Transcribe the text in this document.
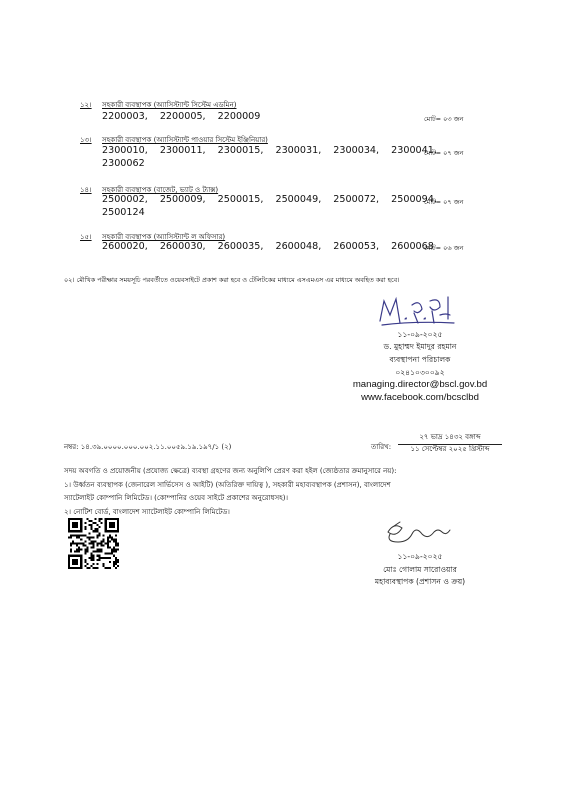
১২। সহকারী ব্যবস্থাপক (অ্যাসিস্ট্যান্ট সিস্টেম এডমিন)
2200003, 2200005, 2200009	মোট= ০৩ জন
১৩। সহকারী ব্যবস্থাপক (অ্যাসিস্ট্যান্ট পাওয়ার সিস্টেম ইঞ্জিনিয়ার)
2300010, 2300011, 2300015, 2300031, 2300034, 2300041, 2300062
মোট= ০৭ জন
১৪। সহকারী ব্যবস্থাপক (বাজেট, ভ্যাট ও ট্যাক্স)
2500002, 2500009, 2500015, 2500049, 2500072, 2500094, 2500124
মোট= ০৭ জন
১৫। সহকারী ব্যবস্থাপক (অ্যাসিস্ট্যান্ট ল অফিসার)
2600020, 2600030, 2600035, 2600048, 2600053, 2600068
মোট= ০৬ জন
০২। মৌখিক পরীক্ষার সময়সূচি পরবর্তীতে ওয়েবসাইটে প্রকাশ করা হবে ও টেলিটকের মাধ্যমে এসএমএস এর মাধ্যমে অবহিত করা হবে।
১১-০৯-২০২৫
ড. মুহাম্মদ ইমাদুর রহমান
ব্যবস্থাপনা পরিচালক
০২৪১০৩০০৯২
managing.director@bscl.gov.bd
www.facebook.com/bcsclbd
নম্বর: ১৪.৩৯.০০০০.০০০.০০২.১১.০০৫৯.১৯.১৯৭/১ (২)	তারিখ:
২৭ ভাদ্র ১৪৩২ বঙ্গাব্দ
১১ সেপ্টেম্বর ২০২৫ খ্রিস্টাব্দ
সদয় অবগতি ও প্রয়োজনীয় (প্রযোজ্য ক্ষেত্রে) ব্যবস্থা গ্রহণের জন্য অনুলিপি প্রেরণ করা হইল (জ্যেষ্ঠতার ক্রমানুসারে নয়):
১। উর্ধ্বতন ব্যবস্থাপক (জেনারেল সার্ভিসেস ও আইটি) (অতিরিক্ত দায়িত্ব ), সহকারী মহাব্যবস্থাপক (প্রশাসন), বাংলাদেশ
স্যাটেলাইট কোম্পানি লিমিটেড। (কোম্পানির ওয়েব সাইটে প্রকাশের অনুরোধসহ)।
২। নোটিশ বোর্ড, বাংলাদেশ স্যাটেলাইট কোম্পানি লিমিটেড।
১১-০৯-২০২৫
মোঃ গোলাম সারোওয়ার
মহাব্যবস্থাপক (প্রশাসন ও ক্রয়)
